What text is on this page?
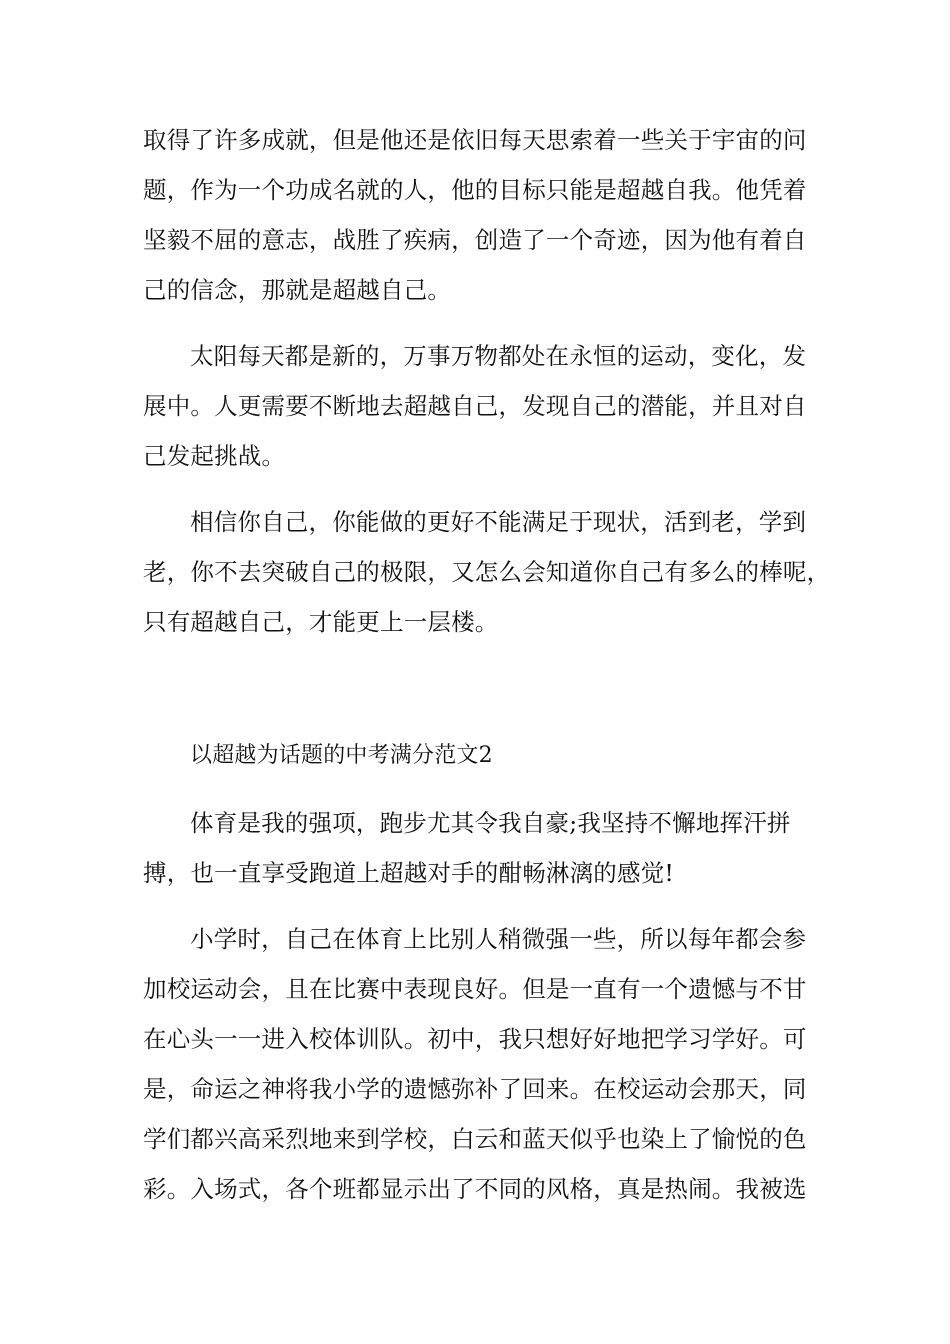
取得了许多成就，但是他还是依旧每天思索着一些关于宇宙的问

题，作为一个功成名就的人，他的目标只能是超越自我。他凭着

坚毅不屈的意志，战胜了疾病，创造了一个奇迹，因为他有着自

己的信念，那就是超越自己。

太阳每天都是新的，万事万物都处在永恒的运动，变化，发

展中。人更需要不断地去超越自己，发现自己的潜能，并且对自

己发起挑战。

相信你自己，你能做的更好不能满足于现状，活到老，学到

老，你不去突破自己的极限，又怎么会知道你自己有多么的棒呢，

只有超越自己，才能更上一层楼。

以超越为话题的中考满分范文2

体育是我的强项，跑步尤其令我自豪;我坚持不懈地挥汗拼

搏，也一直享受跑道上超越对手的酣畅淋漓的感觉!

小学时，自己在体育上比别人稍微强一些，所以每年都会参

加校运动会，且在比赛中表现良好。但是一直有一个遗憾与不甘

在心头一一进入校体训队。初中，我只想好好地把学习学好。可

是，命运之神将我小学的遗憾弥补了回来。在校运动会那天，同

学们都兴高采烈地来到学校，白云和蓝天似乎也染上了愉悦的色

彩。入场式，各个班都显示出了不同的风格，真是热闹。我被选
